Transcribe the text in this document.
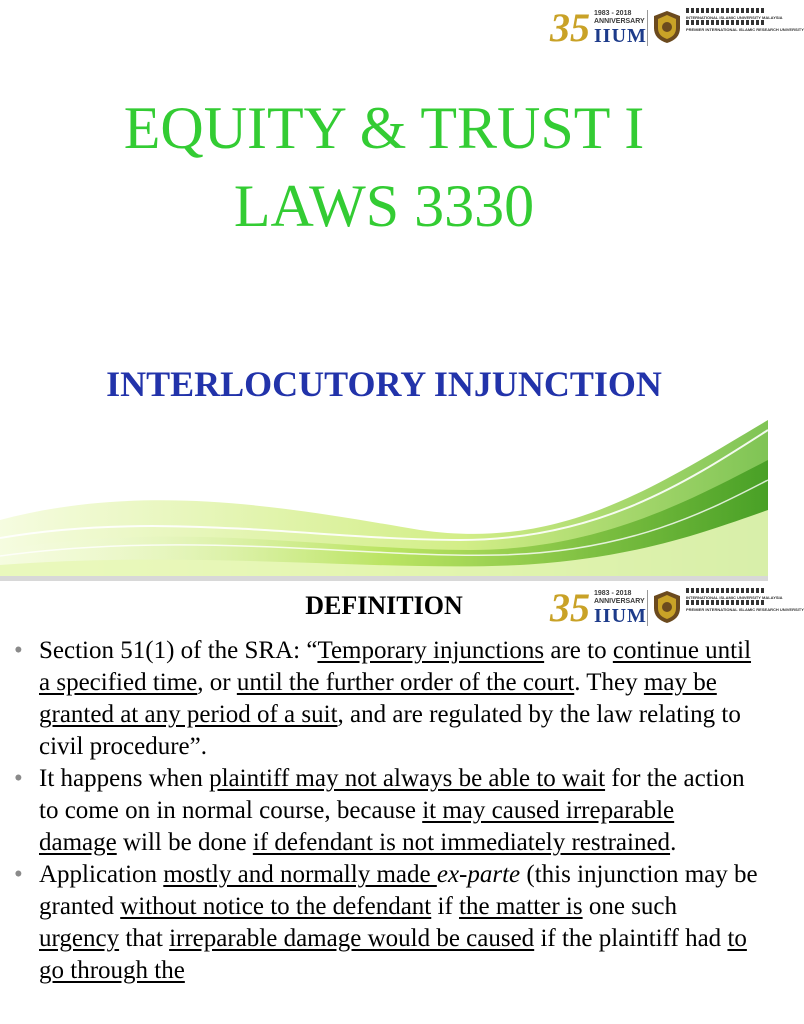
35 1983 - 2018
ANNIVERSARY
IIUM
INTERNATIONAL ISLAMIC UNIVERSITY MALAYSIA
PREMIER INTERNATIONAL ISLAMIC RESEARCH UNIVERSITY
EQUITY & TRUST I
LAWS 3330
INTERLOCUTORY INJUNCTION
35 1983 - 2018
ANNIVERSARY
IIUM
INTERNATIONAL ISLAMIC UNIVERSITY MALAYSIA
PREMIER INTERNATIONAL ISLAMIC RESEARCH UNIVERSITY
DEFINITION
• Section 51(1) of the SRA: “Temporary injunctions are to continue until a specified time, or until the further order of the court. They may be granted at any period of a suit, and are regulated by the law relating to civil procedure”.
• It happens when plaintiff may not always be able to wait for the action to come on in normal course, because it may caused irreparable damage will be done if defendant is not immediately restrained.
• Application mostly and normally made ex-parte (this injunction may be granted without notice to the defendant if the matter is one such urgency that irreparable damage would be caused if the plaintiff had to go through the
